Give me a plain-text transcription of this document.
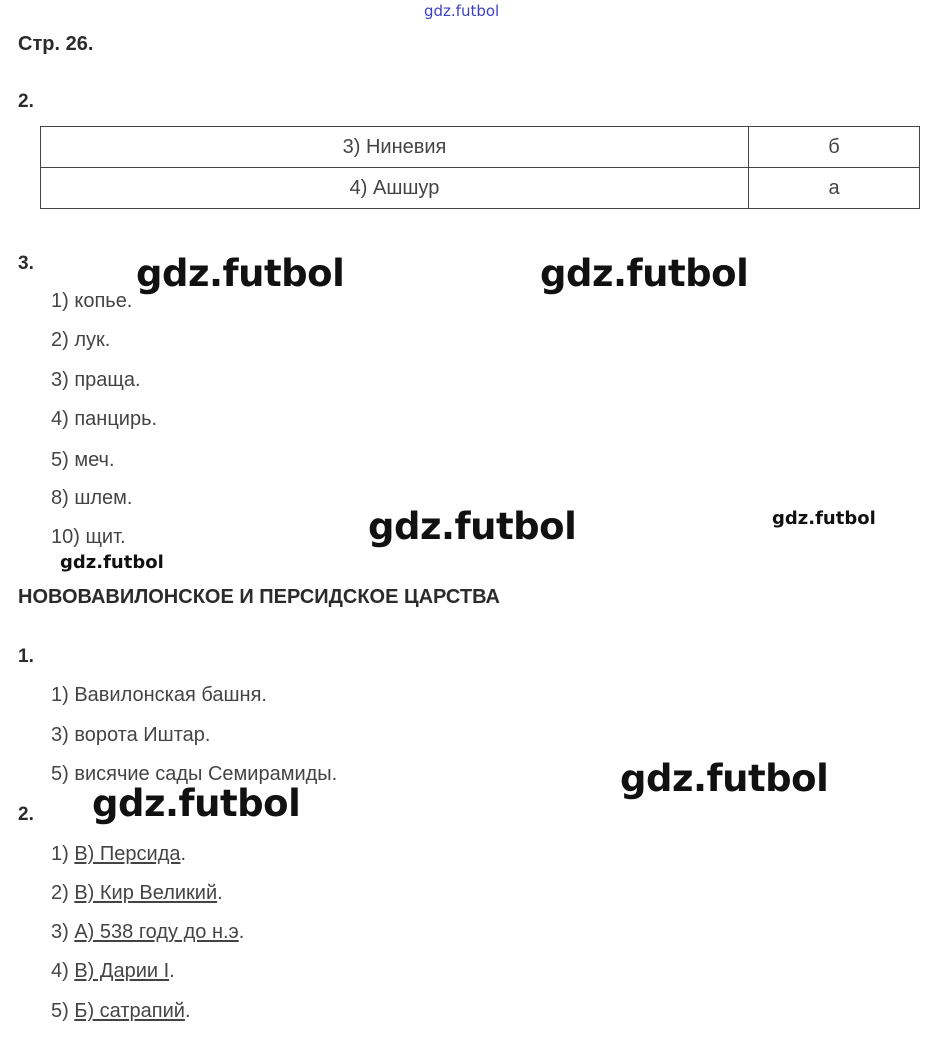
gdz.futbol
Стр. 26.
2.
3) Ниневия	б
4) Ашшур	а
3.
1) копье.
2) лук.
3) праща.
4) панцирь.
5) меч.
8) шлем.
10) щит.
НОВОВАВИЛОНСКОЕ И ПЕРСИДСКОЕ ЦАРСТВА
1.
1) Вавилонская башня.
3) ворота Иштар.
5) висячие сады Семирамиды.
2.
1) В) Персида.
2) В) Кир Великий.
3) А) 538 году до н.э.
4) В) Дарии I.
5) Б) сатрапий.
gdz.futbol	gdz.futbol
gdz.futbol	gdz.futbol
gdz.futbol
gdz.futbol
gdz.futbol
